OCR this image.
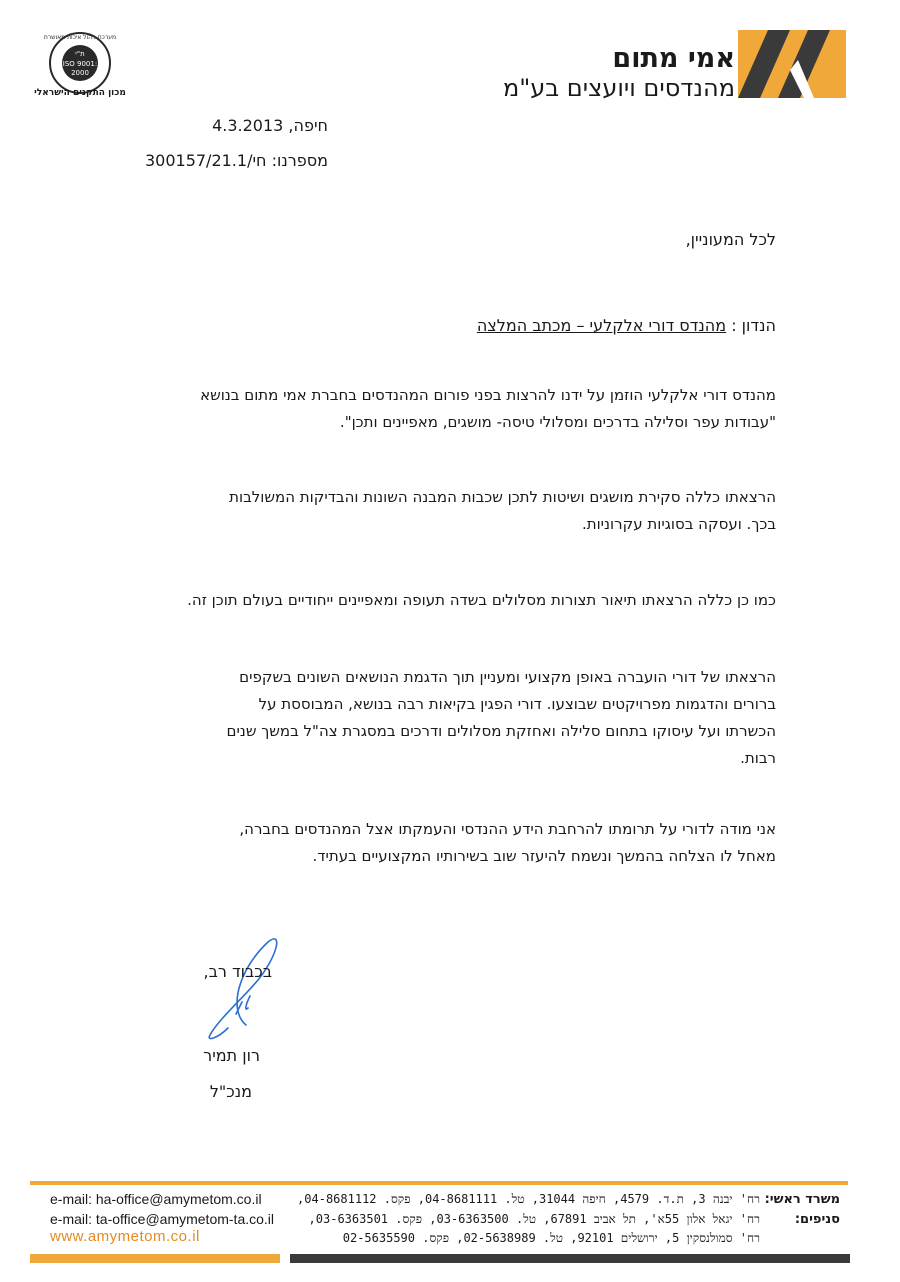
ת"י
ISO 9001:
2000
מערכת ניהול איכות מאושרת
מכון התקנים הישראלי
אמי מתום
מהנדסים ויועצים בע"מ
חיפה, 4.3.2013
מספרנו: חי/300157/21.1
לכל המעוניין,
הנדון : מהנדס דורי אלקלעי – מכתב המלצה
מהנדס דורי אלקלעי הוזמן על ידנו להרצות בפני פורום המהנדסים בחברת אמי מתום בנושא
"עבודות עפר וסלילה בדרכים ומסלולי טיסה- מושגים, מאפיינים ותכן".
הרצאתו כללה סקירת מושגים ושיטות לתכן שכבות המבנה השונות והבדיקות המשולבות
בכך. ועסקה בסוגיות עקרוניות.
כמו כן כללה הרצאתו תיאור תצורות מסלולים בשדה תעופה ומאפיינים ייחודיים בעולם תוכן זה.
הרצאתו של דורי הועברה באופן מקצועי ומעניין תוך הדגמת הנושאים השונים בשקפים
ברורים והדגמות מפרויקטים שבוצעו. דורי הפגין בקיאות רבה בנושא, המבוססת על
הכשרתו ועל עיסוקו בתחום סלילה ואחזקת מסלולים ודרכים במסגרת צה"ל במשך שנים
רבות.
אני מודה לדורי על תרומתו להרחבת הידע ההנדסי והעמקתו אצל המהנדסים בחברה,
מאחל לו הצלחה בהמשך ונשמח להיעזר שוב בשירותיו המקצועיים בעתיד.
בכבוד רב,
רון תמיר
מנכ"ל
משרד ראשי:
סניפים:
רח' יבנה 3, ת.ד. 4579, חיפה 31044, טל. 04-8681111, פקס. 04-8681112,
רח' יגאל אלון 55א', תל אביב 67891, טל. 03-6363500, פקס. 03-6363501,
רח' סמולנסקין 5, ירושלים 92101, טל. 02-5638989, פקס. 02-5635590
e-mail: ha-office@amymetom.co.il
e-mail: ta-office@amymetom-ta.co.il
www.amymetom.co.il
